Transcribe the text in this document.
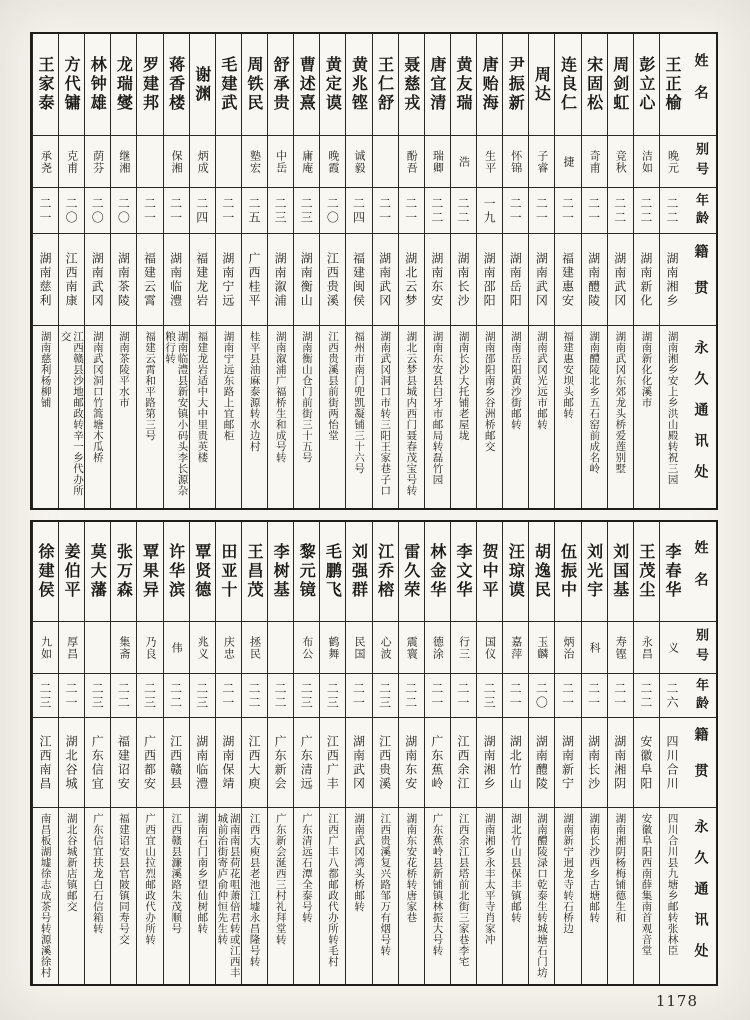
姓名
别号
年龄
籍贯
永久通讯处
王正榆
晚元
二二
湖南湘乡
湖南湘乡安上乡洪山殿转祝三园
彭立心
洁如
二二
湖南新化
湖南新化化溪市
周剑虹
竞秋
二二
湖南武冈
湖南武冈东郊龙头桥爱莲别墅
宋固松
奇甫
二一
湖南醴陵
湖南醴陵北乡五石窑前成名岭
连良仁
捷
二一
福建惠安
福建惠安坝头邮转
周达
子睿
二一
湖南武冈
湖南武冈光远市邮转
尹振新
怀锦
二一
湖南岳阳
湖南岳阳黄沙街邮转
唐贻海
生平
一九
湖南邵阳
湖南邵阳南乡谷洲桥邮交
黄友瑞
浩
二二
湖南长沙
湖南长沙大托铺老屋垅
唐宜清
瑞卿
二二
湖南东安
湖南东安县白牙市邮局转磊竹园
聂慈戎
酚吾
二一
湖北云梦
湖北云梦县城内西门聂春茂宝号转
王仁舒
二一
湖南武冈
湖南武冈洞口市转三阳王家巷子口
黄兆铿
诚毅
二四
福建闽侯
福州市南门兜凯凝铺三十六号
黄定谟
晚霞
二〇
江西贵溪
江西贵溪县前街两怡堂
曹述熹
庸庵
二三
湖南衡山
湖南衡山仓门前街三十五号
舒承贵
中岳
二三
湖南溆浦
湖南溆浦广福桥生和成号转
周铁民
塾宏
二五
广西桂平
桂平县油麻泰源转水边村
毛建武
二一
湖南宁远
湖南宁远东路上宜邮柜
谢渊
炳成
二四
福建龙岩
福建龙岩适中大中里贵英楼
蒋香楼
保湘
二一
湖南临澧
湖南临澧县新安镇小码头李长源杂粮行转
罗建邦
二一
福建云霄
福建云霄和平路第三号
龙瑞燮
继湘
二〇
湖南茶陵
湖南茶陵平水市
林钟雄
荫芬
二〇
湖南武冈
湖南武冈洞口竹篙塘木瓜桥
方代镛
克甫
二〇
江西南康
江西赣县沙地邮政转辛一乡代办所交
王家泰
承尧
二一
湖南慈利
湖南慈利杨柳铺
姓名
别号
年龄
籍贯
永久通讯处
李春华
义
二六
四川合川
四川合川县九塘乡邮转张林臣
王茂尘
永昌
二二
安徽阜阳
安徽阜阳西南薛集南首观音堂
刘国基
寿铿
二一
湖南湘阴
湖南湘阴杨梅铺德生和
刘光宇
科
二一
湖南长沙
湖南长沙西乡古塘邮转
伍振中
炳治
二一
湖南新宁
湖南新宁迥龙寺转石桥边
胡逸民
玉麟
二〇
湖南醴陵
湖南醴陵渌口乾泰生转城塘石门坊
汪琼谟
嘉萍
二一
湖北竹山
湖北竹山县保丰镇邮转
贺中平
国仪
二三
湖南湘乡
湖南湘乡永丰太平寺肖家冲
李文华
行三
二一
江西余江
江西余江县塔前北街三家巷李宅
林金华
德涂
二一
广东蕉岭
广东蕉岭县新铺镇林振大号转
雷久荣
震寰
二二
湖南东安
湖南东安花桥转唐家巷
江乔榕
心波
二三
江西贵溪
江西贵溪复兴路邹万有烟号转
刘强群
民国
二一
湖南武冈
湖南武冈湾头桥邮转
毛鹏飞
鹤舞
二三
江西广丰
江西广丰八都邮政代办所转毛村
黎元镜
布公
二三
广东清远
广东清远石潭全泰号转
李树基
二二
广东新会
广东新会涎西三村礼拜堂转
王昌茂
拯民
二二
江西大庾
江西大庾县老池江墟永昌隆号转
田亚十
庆忠
二一
湖南保靖
湖南南县荷花咀萧倍君转或江西丰城前治街寄庐俞仲恒先生转
覃贤德
兆义
二三
湖南临澧
湖南石门南乡望仙树邮转
许华滨
伟
二二
江西赣县
江西赣县濂溪路朱茂顺号
覃果异
乃良
二三
广西都安
广西宜山拉烈邮政代办所转
张万森
集斋
二二
福建诏安
福建诏安县官陂镇同寿号交
莫大藩
二三
广东信宜
广东信宜扶龙白石信箱转
姜伯平
厚昌
二一
湖北谷城
湖北谷城新店镇邮交
徐建侯
九如
二三
江西南昌
南昌板湖墟徐志成茶号转源溪徐村
1178
